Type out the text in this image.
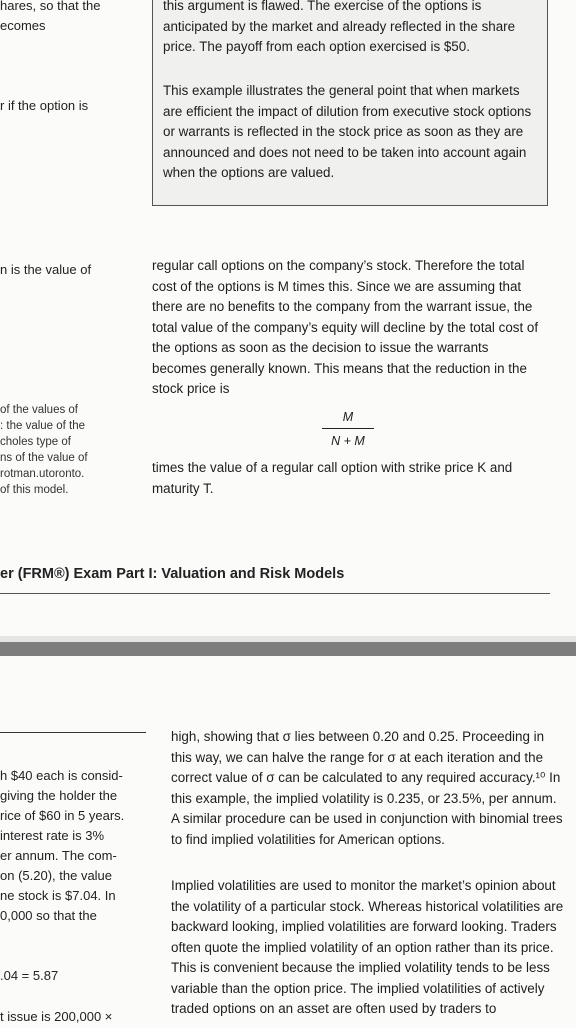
hares, so that the
ecomes
r if the option is
n is the value of
of the values of
: the value of the
choles type of
ns of the value of
rotman.utoronto.
of this model.
this argument is flawed. The exercise of the options is anticipated by the market and already reflected in the share price. The payoff from each option exercised is $50.
This example illustrates the general point that when markets are efficient the impact of dilution from executive stock options or warrants is reflected in the stock price as soon as they are announced and does not need to be taken into account again when the options are valued.
regular call options on the company’s stock. Therefore the total cost of the options is M times this. Since we are assuming that there are no benefits to the company from the warrant issue, the total value of the company’s equity will decline by the total cost of the options as soon as the decision to issue the warrants becomes generally known. This means that the reduction in the stock price is
M
N + M
times the value of a regular call option with strike price K and maturity T.
er (FRM®) Exam Part I: Valuation and Risk Models
h $40 each is consid-
giving the holder the
rice of $60 in 5 years.
interest rate is 3%
er annum. The com-
on (5.20), the value
ne stock is $7.04. In
0,000 so that the
.04 = 5.87
t issue is 200,000 ×
high, showing that σ lies between 0.20 and 0.25. Proceeding in this way, we can halve the range for σ at each iteration and the correct value of σ can be calculated to any required accuracy.¹⁰ In this example, the implied volatility is 0.235, or 23.5%, per annum. A similar procedure can be used in conjunction with binomial trees to find implied volatilities for American options.
Implied volatilities are used to monitor the market’s opinion about the volatility of a particular stock. Whereas historical volatilities are backward looking, implied volatilities are forward looking. Traders often quote the implied volatility of an option rather than its price. This is convenient because the implied volatility tends to be less variable than the option price. The implied volatilities of actively traded options on an asset are often used by traders to
